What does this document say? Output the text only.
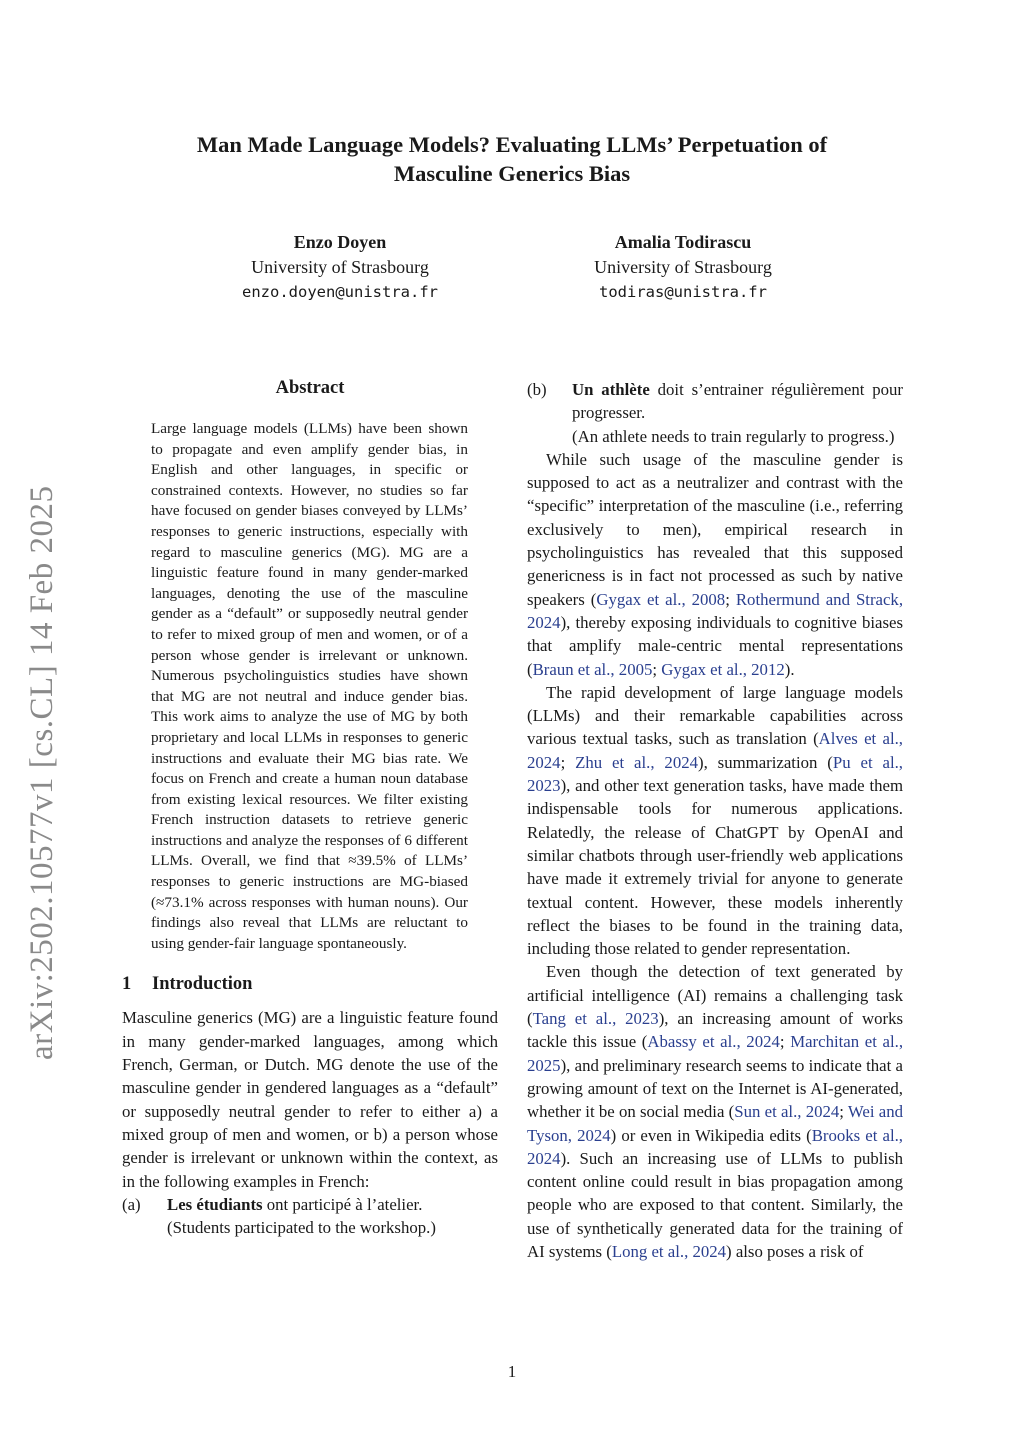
Man Made Language Models? Evaluating LLMs’ Perpetuation of
Masculine Generics Bias
Enzo Doyen
University of Strasbourg
enzo.doyen@unistra.fr
Amalia Todirascu
University of Strasbourg
todiras@unistra.fr
arXiv:2502.10577v1 [cs.CL] 14 Feb 2025
Abstract

Large language models (LLMs) have been shown to propagate and even amplify gender bias, in English and other languages, in specific or constrained contexts. However, no studies so far have focused on gender biases conveyed by LLMs’ responses to generic instructions, especially with regard to masculine generics (MG). MG are a linguistic feature found in many gender-marked languages, denoting the use of the masculine gender as a “default” or supposedly neutral gender to refer to mixed group of men and women, or of a person whose gender is irrelevant or unknown. Numerous psycholinguistics studies have shown that MG are not neutral and induce gender bias. This work aims to analyze the use of MG by both proprietary and local LLMs in responses to generic instructions and evaluate their MG bias rate. We focus on French and create a human noun database from existing lexical resources. We filter existing French instruction datasets to retrieve generic instructions and analyze the responses of 6 different LLMs. Overall, we find that ≈39.5% of LLMs’ responses to generic instructions are MG-biased (≈73.1% across responses with human nouns). Our findings also reveal that LLMs are reluctant to using gender-fair language spontaneously.

1 Introduction

Masculine generics (MG) are a linguistic feature found in many gender-marked languages, among which French, German, or Dutch. MG denote the use of the masculine gender in gendered languages as a “default” or supposedly neutral gender to refer to either a) a mixed group of men and women, or b) a person whose gender is irrelevant or unknown within the context, as in the following examples in French:

(a) Les étudiants ont participé à l’atelier.

(Students participated to the workshop.)

(b) Un athlète doit s’entrainer régulièrement pour progresser.

(An athlete needs to train regularly to progress.)

While such usage of the masculine gender is supposed to act as a neutralizer and contrast with the “specific” interpretation of the masculine (i.e., referring exclusively to men), empirical research in psycholinguistics has revealed that this supposed genericness is in fact not processed as such by native speakers (Gygax et al., 2008; Rothermund and Strack, 2024), thereby exposing individuals to cognitive biases that amplify male-centric mental representations (Braun et al., 2005; Gygax et al., 2012).

The rapid development of large language models (LLMs) and their remarkable capabilities across various textual tasks, such as translation (Alves et al., 2024; Zhu et al., 2024), summarization (Pu et al., 2023), and other text generation tasks, have made them indispensable tools for numerous applications. Relatedly, the release of ChatGPT by OpenAI and similar chatbots through user-friendly web applications have made it extremely trivial for anyone to generate textual content. However, these models inherently reflect the biases to be found in the training data, including those related to gender representation.

Even though the detection of text generated by artificial intelligence (AI) remains a challenging task (Tang et al., 2023), an increasing amount of works tackle this issue (Abassy et al., 2024; Marchitan et al., 2025), and preliminary research seems to indicate that a growing amount of text on the Internet is AI-generated, whether it be on social media (Sun et al., 2024; Wei and Tyson, 2024) or even in Wikipedia edits (Brooks et al., 2024). Such an increasing use of LLMs to publish content online could result in bias propagation among people who are exposed to that content. Similarly, the use of synthetically generated data for the training of AI systems (Long et al., 2024) also poses a risk of

1
